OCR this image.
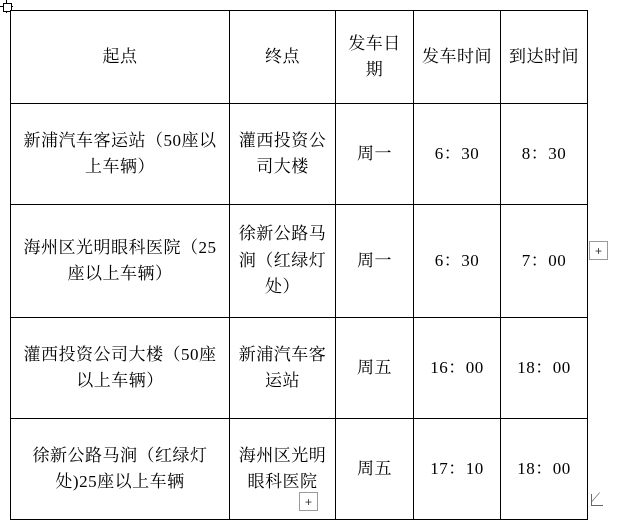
起点	终点	发车日期	发车时间	到达时间
新浦汽车客运站（50座以上车辆）	灌西投资公司大楼	周一	6：30	8：30
海州区光明眼科医院（25座以上车辆）	徐新公路马涧（红绿灯处）	周一	6：30	7：00
灌西投资公司大楼（50座以上车辆）	新浦汽车客运站	周五	16：00	18：00
徐新公路马涧（红绿灯处)25座以上车辆	海州区光明眼科医院	周五	17：10	18：00
+
+
⟋
